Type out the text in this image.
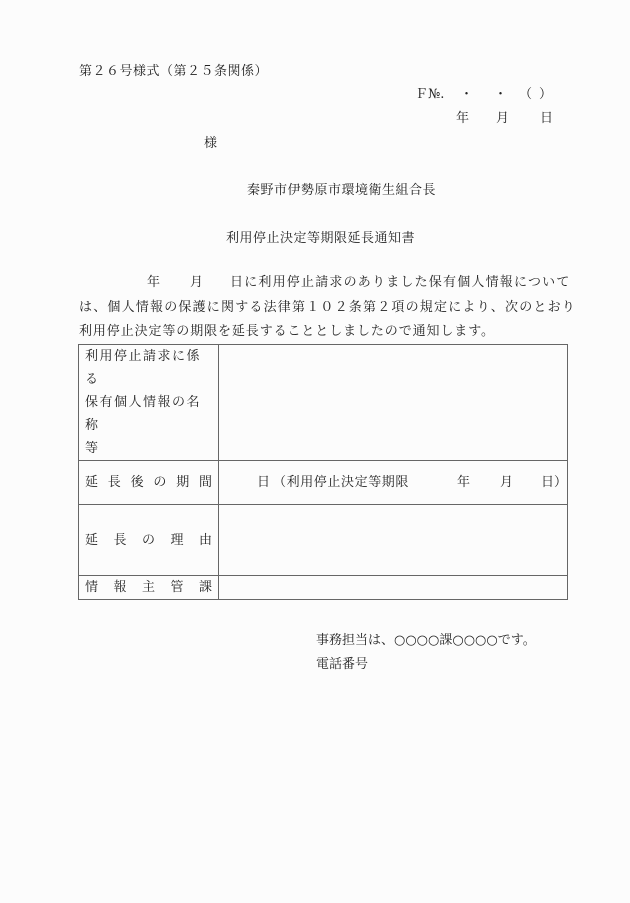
第２６号様式（第２５条関係）
Ｆ№. ・ ・ （ ）
年 月 日
様
秦野市伊勢原市環境衛生組合長
利用停止決定等期限延長通知書
年 月 日に利用停止請求のありました保有個人情報について
は、個人情報の保護に関する法律第１０２条第２項の規定により、次のとおり
利用停止決定等の期限を延長することとしましたので通知します。
利用停止請求に係る
保有個人情報の名称
等	

延 長 後 の 期 間	日 （利用停止決定等期限	年 月 日）

延 長 の 理 由	

情 報 主 管 課	

事務担当は、○○○○課○○○○です。
電話番号
